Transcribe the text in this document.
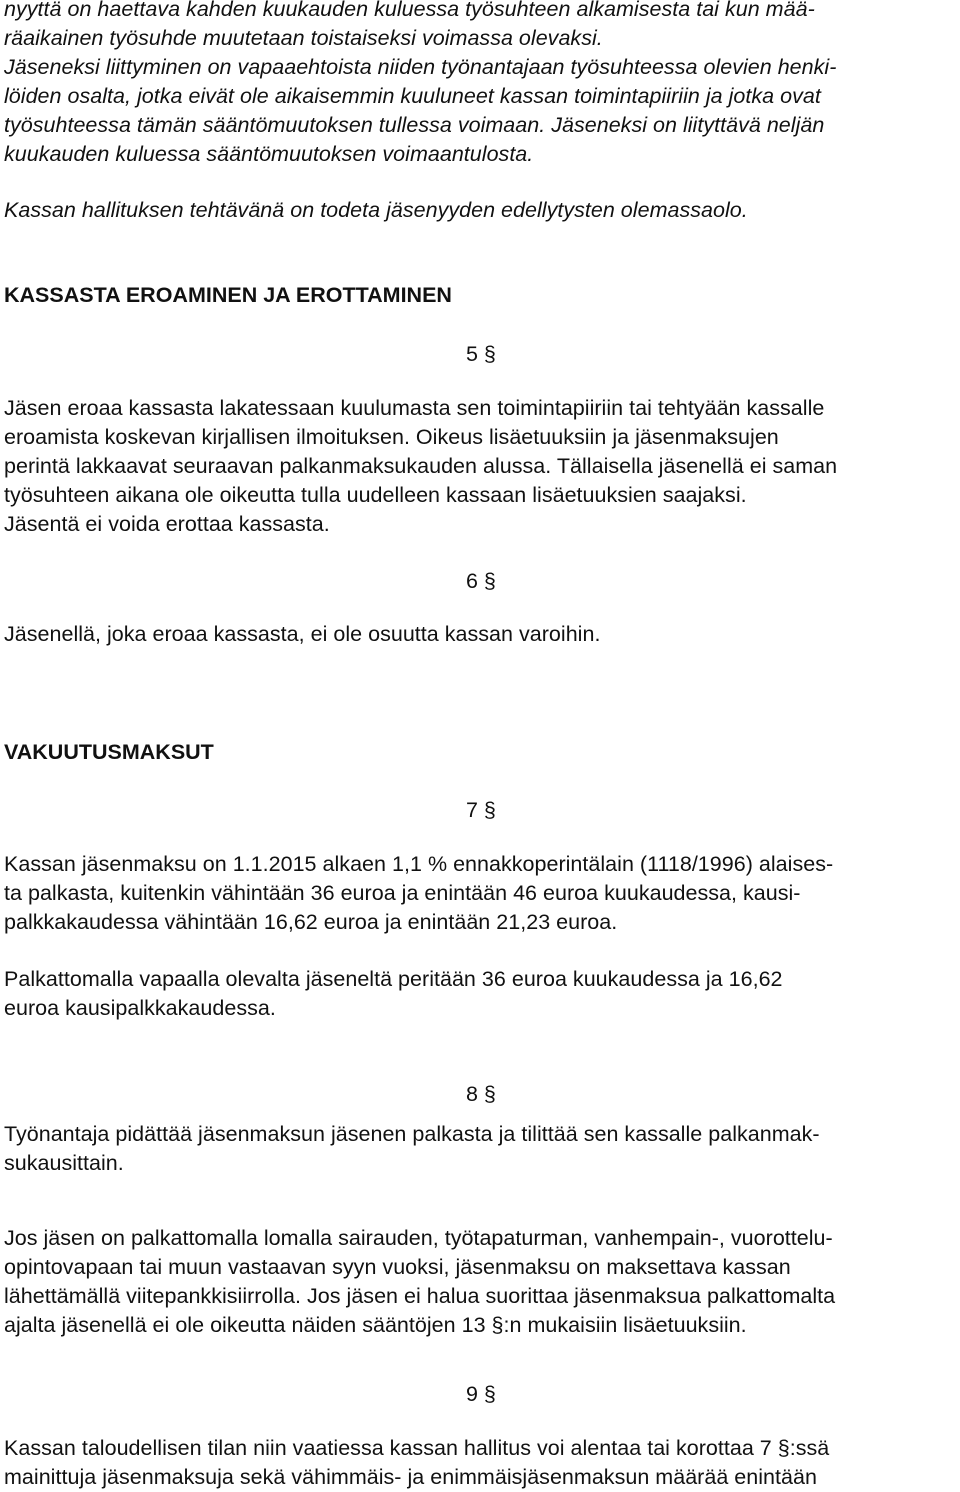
nyyttä on haettava kahden kuukauden kuluessa työsuhteen alkamisesta tai kun mää-
räaikainen työsuhde muutetaan toistaiseksi voimassa olevaksi.
Jäseneksi liittyminen on vapaaehtoista niiden työnantajaan työsuhteessa olevien henki-
löiden osalta, jotka eivät ole aikaisemmin kuuluneet kassan toimintapiiriin ja jotka ovat
työsuhteessa tämän sääntömuutoksen tullessa voimaan. Jäseneksi on liityttävä neljän
kuukauden kuluessa sääntömuutoksen voimaantulosta.
Kassan hallituksen tehtävänä on todeta jäsenyyden edellytysten olemassaolo.
KASSASTA EROAMINEN JA EROTTAMINEN
5 §
Jäsen eroaa kassasta lakatessaan kuulumasta sen toimintapiiriin tai tehtyään kassalle
eroamista koskevan kirjallisen ilmoituksen. Oikeus lisäetuuksiin ja jäsenmaksujen
perintä lakkaavat seuraavan palkanmaksukauden alussa. Tällaisella jäsenellä ei saman
työsuhteen aikana ole oikeutta tulla uudelleen kassaan lisäetuuksien saajaksi.
Jäsentä ei voida erottaa kassasta.
6 §
Jäsenellä, joka eroaa kassasta, ei ole osuutta kassan varoihin.
VAKUUTUSMAKSUT
7 §
Kassan jäsenmaksu on 1.1.2015 alkaen 1,1 % ennakkoperintälain (1118/1996) alaises-
ta palkasta, kuitenkin vähintään 36 euroa ja enintään 46 euroa kuukaudessa, kausi-
palkkakaudessa vähintään 16,62 euroa ja enintään 21,23 euroa.
Palkattomalla vapaalla olevalta jäseneltä peritään 36 euroa kuukaudessa ja 16,62
euroa kausipalkkakaudessa.
8 §
Työnantaja pidättää jäsenmaksun jäsenen palkasta ja tilittää sen kassalle palkanmak-
sukausittain.
Jos jäsen on palkattomalla lomalla sairauden, työtapaturman, vanhempain-, vuorottelu-
opintovapaan tai muun vastaavan syyn vuoksi, jäsenmaksu on maksettava kassan
lähettämällä viitepankkisiirrolla. Jos jäsen ei halua suorittaa jäsenmaksua palkattomalta
ajalta jäsenellä ei ole oikeutta näiden sääntöjen 13 §:n mukaisiin lisäetuuksiin.
9 §
Kassan taloudellisen tilan niin vaatiessa kassan hallitus voi alentaa tai korottaa 7 §:ssä
mainittuja jäsenmaksuja sekä vähimmäis- ja enimmäisjäsenmaksun määrää enintään
